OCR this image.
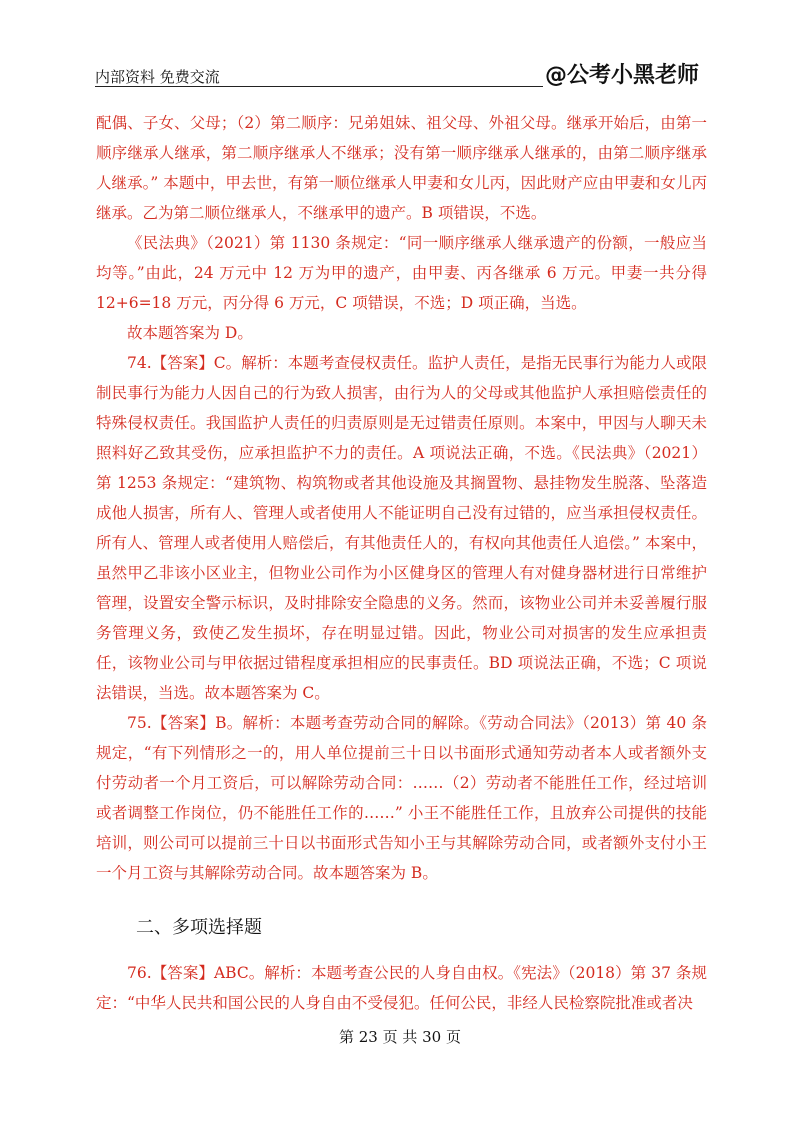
内部资料 免费交流	@公考小黑老师

配偶、子女、父母；（2）第二顺序：兄弟姐妹、祖父母、外祖父母。继承开始后，由第一顺序继承人继承，第二顺序继承人不继承；没有第一顺序继承人继承的，由第二顺序继承人继承。” 本题中，甲去世，有第一顺位继承人甲妻和女儿丙，因此财产应由甲妻和女儿丙继承。乙为第二顺位继承人，不继承甲的遗产。B 项错误，不选。

《民法典》（2021）第 1130 条规定：“同一顺序继承人继承遗产的份额，一般应当均等。”由此，24 万元中 12 万为甲的遗产，由甲妻、丙各继承 6 万元。甲妻一共分得 12+6=18 万元，丙分得 6 万元，C 项错误，不选；D 项正确，当选。

故本题答案为 D。

74.【答案】C。解析：本题考查侵权责任。监护人责任，是指无民事行为能力人或限制民事行为能力人因自己的行为致人损害，由行为人的父母或其他监护人承担赔偿责任的特殊侵权责任。我国监护人责任的归责原则是无过错责任原则。本案中，甲因与人聊天未照料好乙致其受伤，应承担监护不力的责任。A 项说法正确，不选。《民法典》（2021）第 1253 条规定：“建筑物、构筑物或者其他设施及其搁置物、悬挂物发生脱落、坠落造成他人损害，所有人、管理人或者使用人不能证明自己没有过错的，应当承担侵权责任。所有人、管理人或者使用人赔偿后，有其他责任人的，有权向其他责任人追偿。” 本案中，虽然甲乙非该小区业主，但物业公司作为小区健身区的管理人有对健身器材进行日常维护管理，设置安全警示标识，及时排除安全隐患的义务。然而，该物业公司并未妥善履行服务管理义务，致使乙发生损坏，存在明显过错。因此，物业公司对损害的发生应承担责任，该物业公司与甲依据过错程度承担相应的民事责任。BD 项说法正确，不选；C 项说法错误，当选。故本题答案为 C。

75.【答案】B。解析：本题考查劳动合同的解除。《劳动合同法》（2013）第 40 条规定，“有下列情形之一的，用人单位提前三十日以书面形式通知劳动者本人或者额外支付劳动者一个月工资后，可以解除劳动合同：……（2）劳动者不能胜任工作，经过培训或者调整工作岗位，仍不能胜任工作的……” 小王不能胜任工作，且放弃公司提供的技能培训，则公司可以提前三十日以书面形式告知小王与其解除劳动合同，或者额外支付小王一个月工资与其解除劳动合同。故本题答案为 B。

二、多项选择题

76.【答案】ABC。解析：本题考查公民的人身自由权。《宪法》（2018）第 37 条规定：“中华人民共和国公民的人身自由不受侵犯。任何公民，非经人民检察院批准或者决

第 23 页 共 30 页
